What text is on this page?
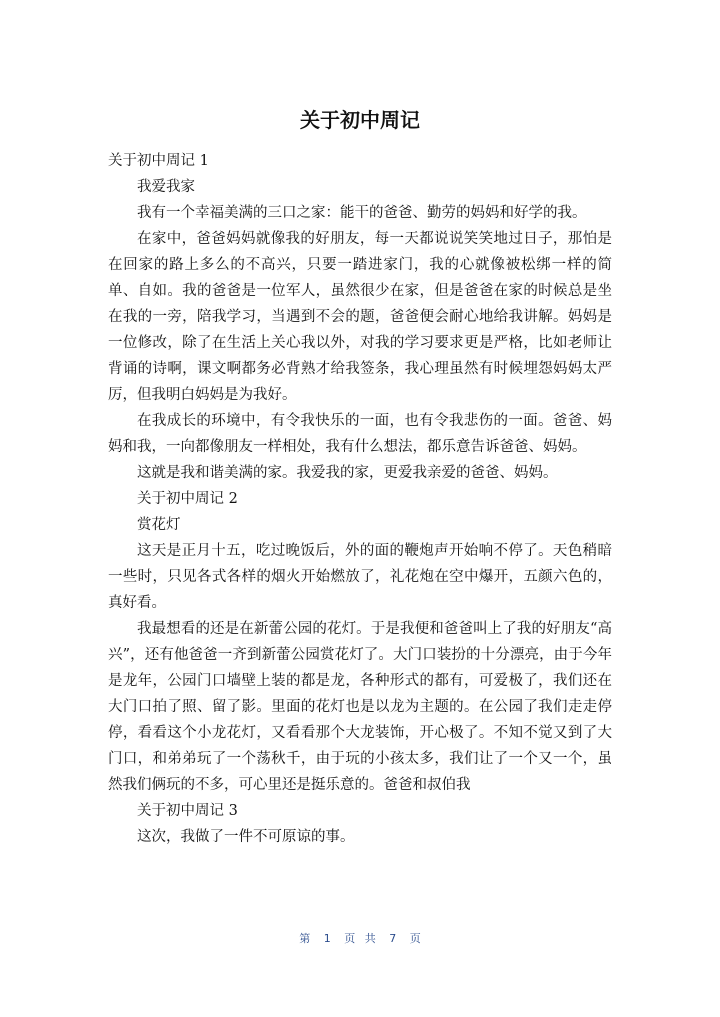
关于初中周记

关于初中周记 1

我爱我家

我有一个幸福美满的三口之家：能干的爸爸、勤劳的妈妈和好学的我。

在家中，爸爸妈妈就像我的好朋友，每一天都说说笑笑地过日子，那怕是在回家的路上多么的不高兴，只要一踏进家门，我的心就像被松绑一样的简单、自如。我的爸爸是一位军人，虽然很少在家，但是爸爸在家的时候总是坐在我的一旁，陪我学习，当遇到不会的题，爸爸便会耐心地给我讲解。妈妈是一位修改，除了在生活上关心我以外，对我的学习要求更是严格，比如老师让背诵的诗啊，课文啊都务必背熟才给我签条，我心理虽然有时候埋怨妈妈太严厉，但我明白妈妈是为我好。

在我成长的环境中，有令我快乐的一面，也有令我悲伤的一面。爸爸、妈妈和我，一向都像朋友一样相处，我有什么想法，都乐意告诉爸爸、妈妈。

这就是我和谐美满的家。我爱我的家，更爱我亲爱的爸爸、妈妈。

关于初中周记 2

赏花灯

这天是正月十五，吃过晚饭后，外的面的鞭炮声开始响不停了。天色稍暗一些时，只见各式各样的烟火开始燃放了，礼花炮在空中爆开，五颜六色的，真好看。

我最想看的还是在新蕾公园的花灯。于是我便和爸爸叫上了我的好朋友“高兴”，还有他爸爸一齐到新蕾公园赏花灯了。大门口装扮的十分漂亮，由于今年是龙年，公园门口墙壁上装的都是龙，各种形式的都有，可爱极了，我们还在大门口拍了照、留了影。里面的花灯也是以龙为主题的。在公园了我们走走停停，看看这个小龙花灯，又看看那个大龙装饰，开心极了。不知不觉又到了大门口，和弟弟玩了一个荡秋千，由于玩的小孩太多，我们让了一个又一个，虽然我们俩玩的不多，可心里还是挺乐意的。爸爸和叔伯我

关于初中周记 3

这次，我做了一件不可原谅的事。

第 1 页 共 7 页
